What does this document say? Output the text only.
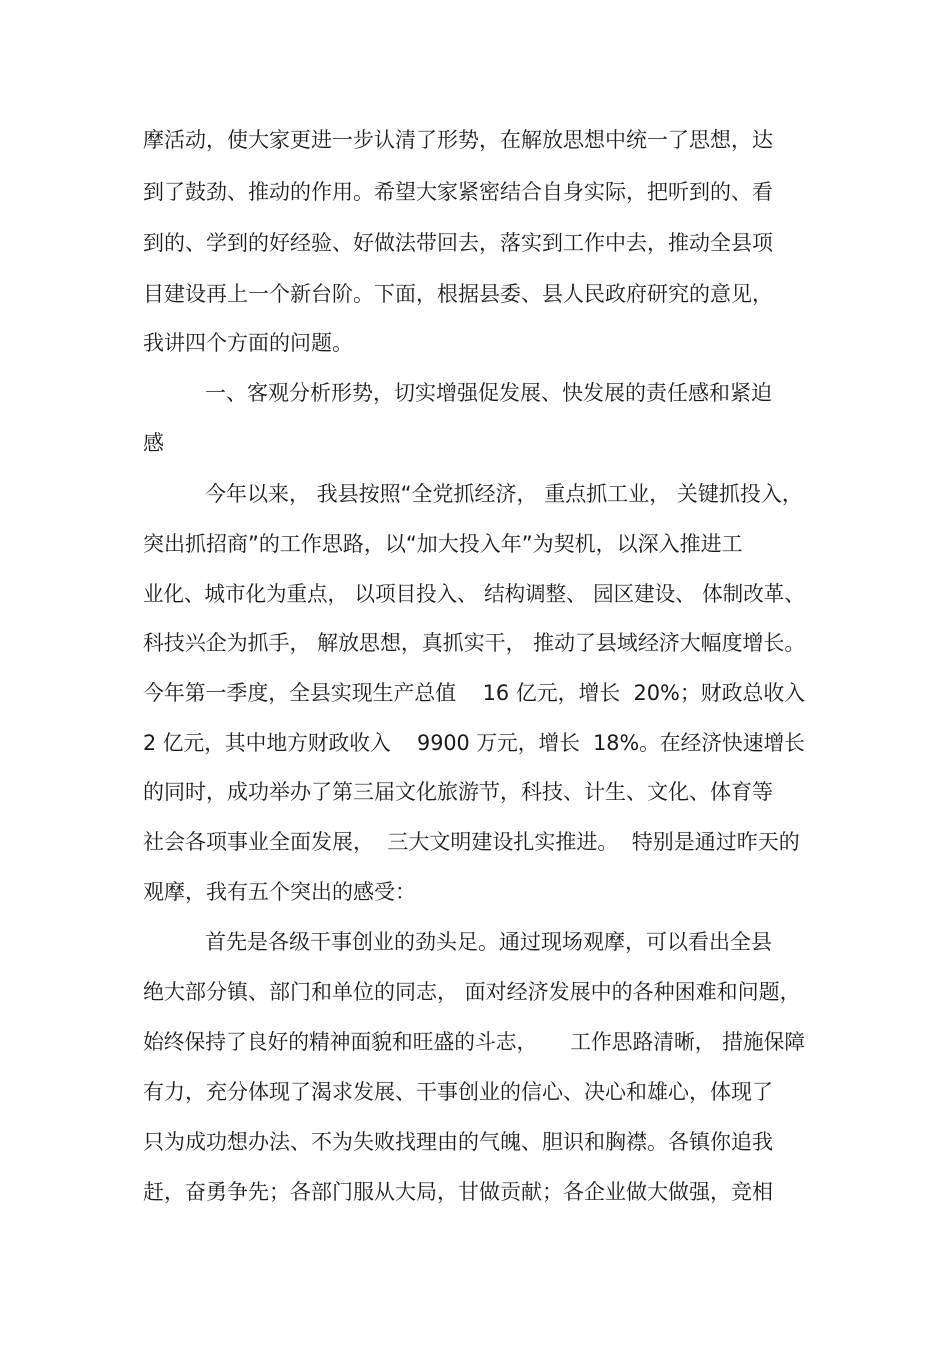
摩活动，使大家更进一步认清了形势，在解放思想中统一了思想，达
到了鼓劲、推动的作用。希望大家紧密结合自身实际，把听到的、看
到的、学到的好经验、好做法带回去，落实到工作中去，推动全县项
目建设再上一个新台阶。下面，根据县委、县人民政府研究的意见，
我讲四个方面的问题。
一、客观分析形势，切实增强促发展、快发展的责任感和紧迫
感
今年以来， 我县按照“全党抓经济， 重点抓工业， 关键抓投入，
突出抓招商”的工作思路，以“加大投入年”为契机，以深入推进工
业化、城市化为重点， 以项目投入、 结构调整、 园区建设、 体制改革、
科技兴企为抓手， 解放思想，真抓实干， 推动了县域经济大幅度增长。
今年第一季度，全县实现生产总值    16 亿元，增长  20%；财政总收入
2 亿元，其中地方财政收入    9900 万元，增长  18%。在经济快速增长
的同时，成功举办了第三届文化旅游节，科技、计生、文化、体育等
社会各项事业全面发展，  三大文明建设扎实推进。  特别是通过昨天的
观摩，我有五个突出的感受：
首先是各级干事创业的劲头足。通过现场观摩，可以看出全县
绝大部分镇、部门和单位的同志， 面对经济发展中的各种困难和问题，
始终保持了良好的精神面貌和旺盛的斗志，     工作思路清晰， 措施保障
有力，充分体现了渴求发展、干事创业的信心、决心和雄心，体现了
只为成功想办法、不为失败找理由的气魄、胆识和胸襟。各镇你追我
赶，奋勇争先；各部门服从大局，甘做贡献；各企业做大做强，竞相
